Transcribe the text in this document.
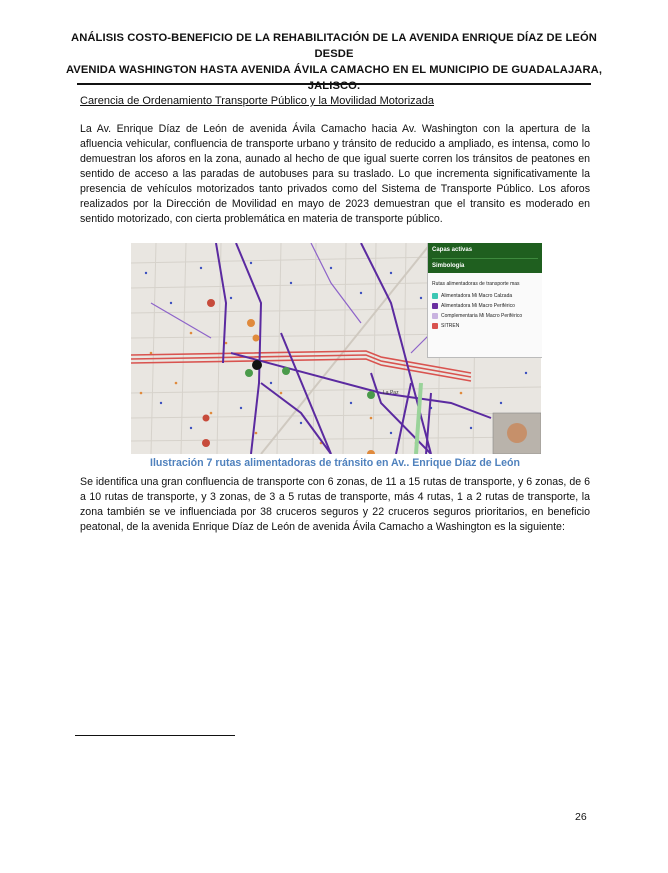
ANÁLISIS COSTO-BENEFICIO DE LA REHABILITACIÓN DE LA AVENIDA ENRIQUE DÍAZ DE LEÓN DESDE
AVENIDA WASHINGTON HASTA AVENIDA ÁVILA CAMACHO EN EL MUNICIPIO DE GUADALAJARA,
JALISCO.
Carencia de Ordenamiento Transporte Público y la Movilidad Motorizada
La Av. Enrique Díaz de León de avenida Ávila Camacho hacia Av. Washington con la apertura de la afluencia vehicular, confluencia de transporte urbano y tránsito de reducido a ampliado, es intensa, como lo demuestran los aforos en la zona, aunado al hecho de que igual suerte corren los tránsitos de peatones en sentido de acceso a las paradas de autobuses para su traslado. Lo que incrementa significativamente la presencia de vehículos motorizados tanto privados como del Sistema de Transporte Público. Los aforos realizados por la Dirección de Movilidad en mayo de 2023 demuestran que el transito es moderado en sentido motorizado, con cierta problemática en materia de transporte público.
La Paz
Capas activas
Simbología
Rutas alimentadoras de transporte mas
Alimentadora Mi Macro Calzada
Alimentadora Mi Macro Periférico
Complementaria Mi Macro Periférico
SITREN
Ilustración 7 rutas alimentadoras de tránsito en Av.. Enrique Díaz de León
Se identifica una gran confluencia de transporte con 6 zonas, de 11 a 15 rutas de transporte, y 6 zonas, de 6 a 10 rutas de transporte, y 3 zonas, de 3 a 5 rutas de transporte, más 4 rutas, 1 a 2 rutas de transporte, la zona también se ve influenciada por 38 cruceros seguros y 22 cruceros seguros prioritarios, en beneficio peatonal, de la avenida Enrique Díaz de León de avenida Ávila Camacho a Washington es la siguiente:
26
